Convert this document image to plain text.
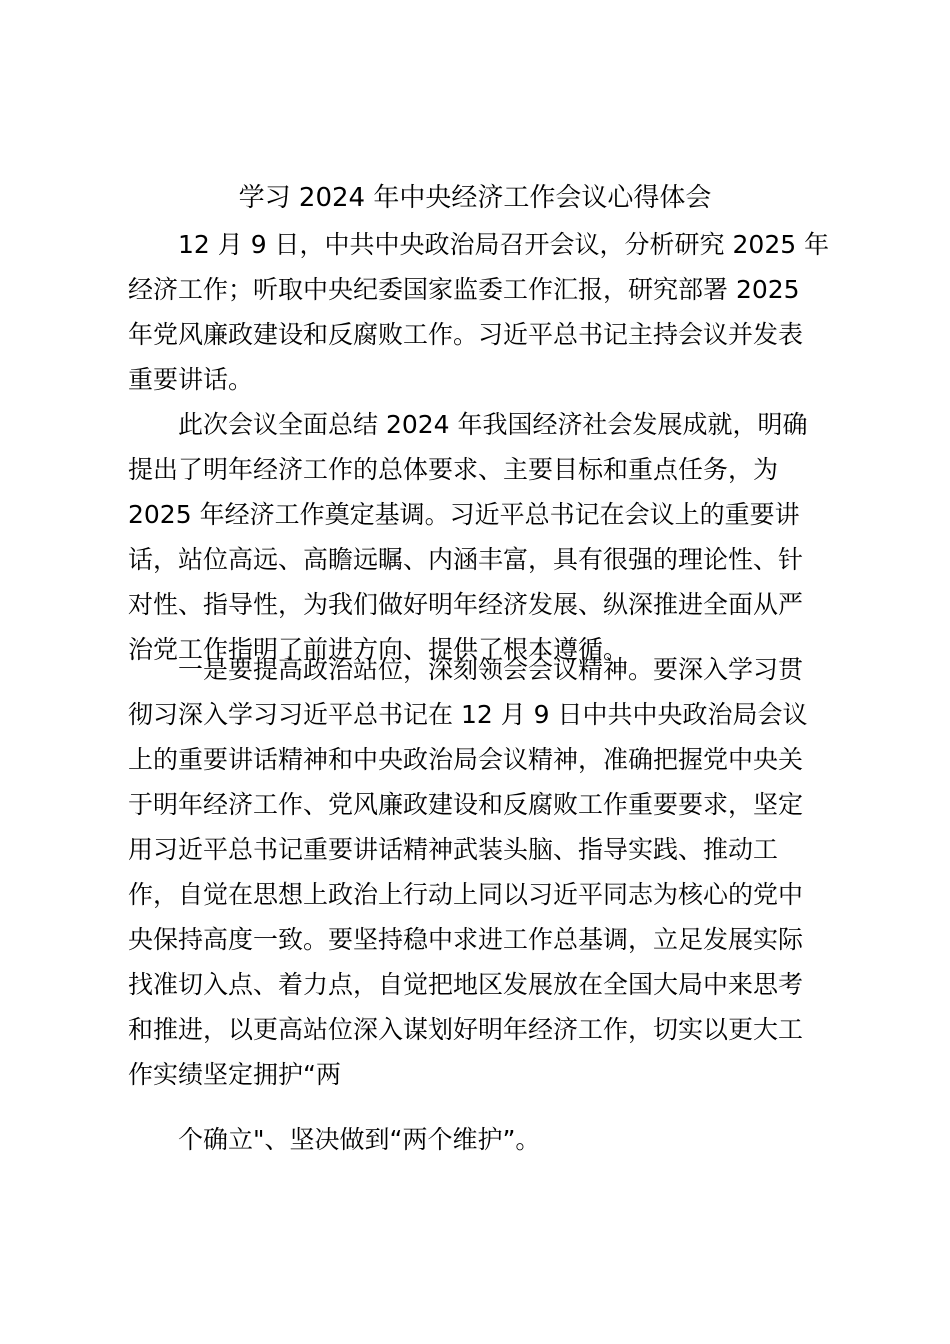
学习 2024 年中央经济工作会议心得体会
12 月 9 日，中共中央政治局召开会议，分析研究 2025 年
经济工作；听取中央纪委国家监委工作汇报，研究部署 2025
年党风廉政建设和反腐败工作。习近平总书记主持会议并发表
重要讲话。
此次会议全面总结 2024 年我国经济社会发展成就，明确
提出了明年经济工作的总体要求、主要目标和重点任务，为
2025 年经济工作奠定基调。习近平总书记在会议上的重要讲
话，站位高远、高瞻远瞩、内涵丰富，具有很强的理论性、针
对性、指导性，为我们做好明年经济发展、纵深推进全面从严
治党工作指明了前进方向、提供了根本遵循。
一是要提高政治站位，深刻领会会议精神。要深入学习贯
彻习深入学习习近平总书记在 12 月 9 日中共中央政治局会议
上的重要讲话精神和中央政治局会议精神，准确把握党中央关
于明年经济工作、党风廉政建设和反腐败工作重要要求，坚定
用习近平总书记重要讲话精神武装头脑、指导实践、推动工
作，自觉在思想上政治上行动上同以习近平同志为核心的党中
央保持高度一致。要坚持稳中求进工作总基调，立足发展实际
找准切入点、着力点，自觉把地区发展放在全国大局中来思考
和推进，以更高站位深入谋划好明年经济工作，切实以更大工
作实绩坚定拥护“两
个确立"、坚决做到“两个维护”。
